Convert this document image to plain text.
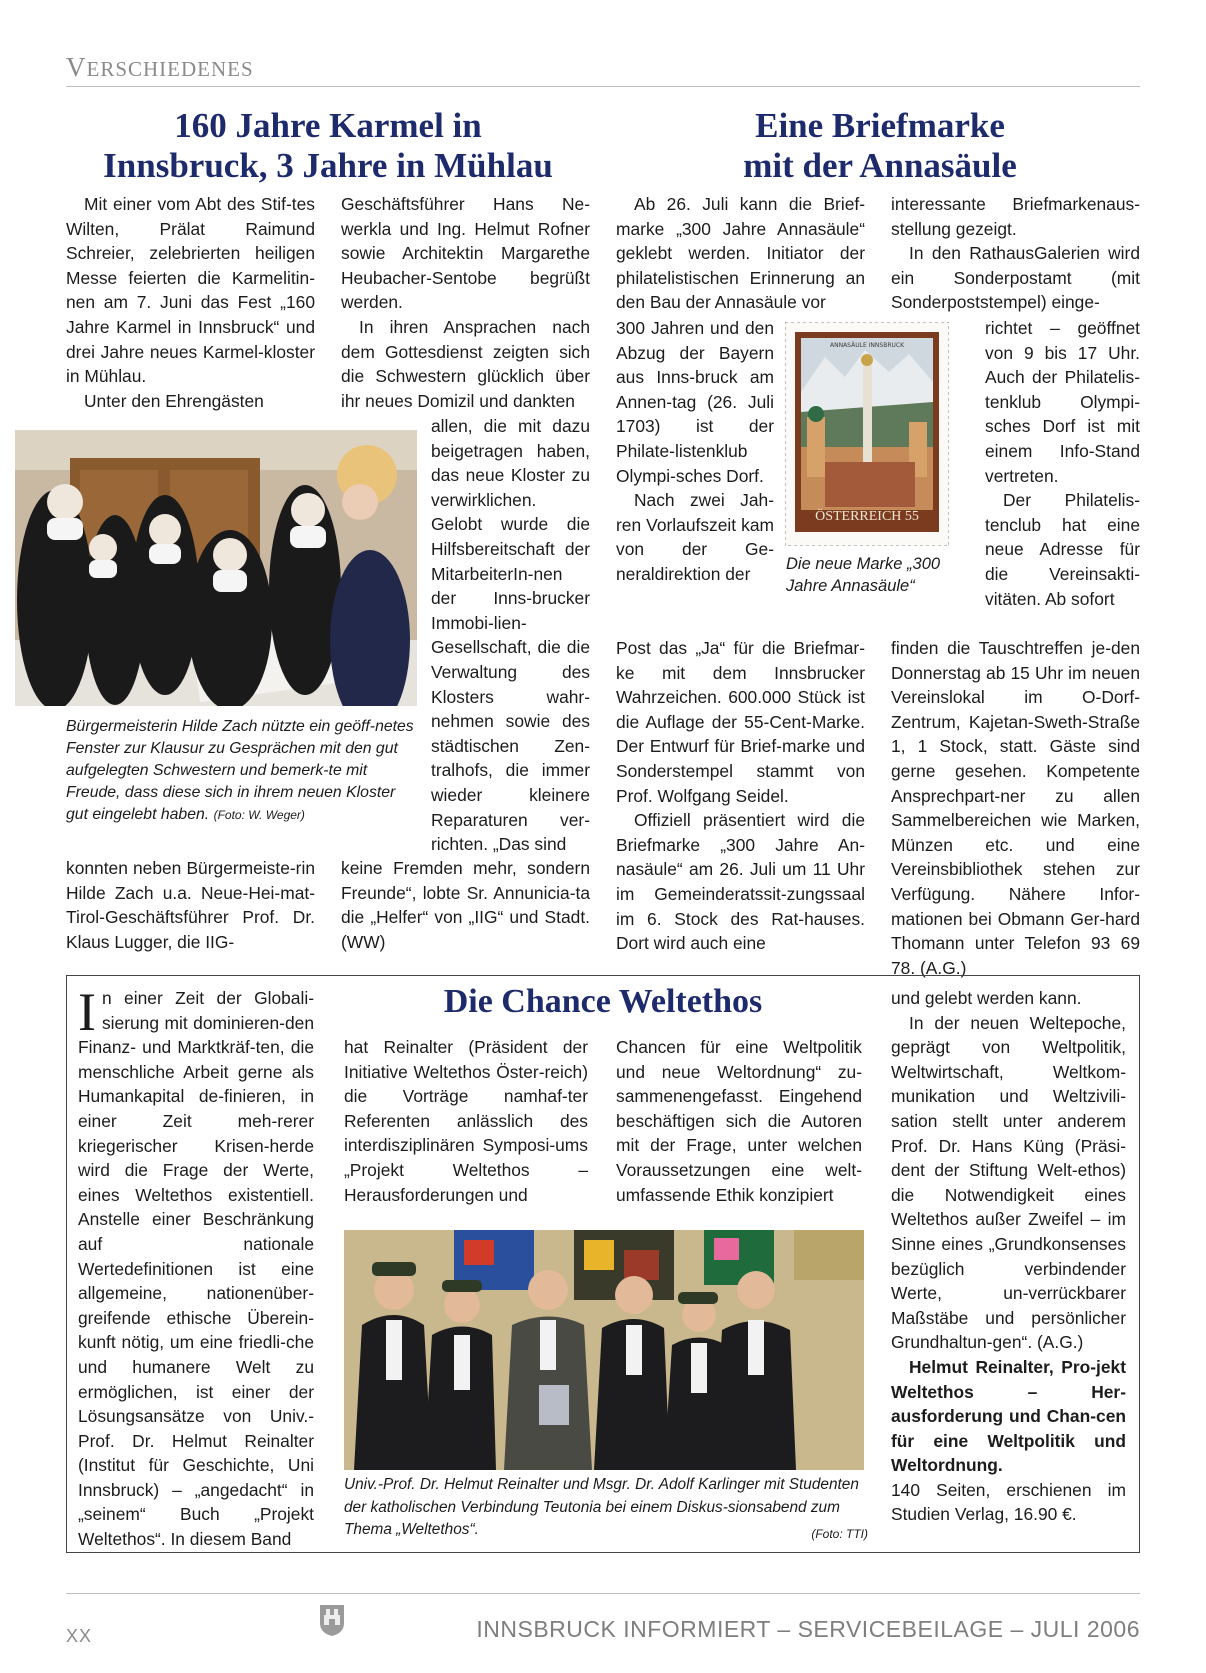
VERSCHIEDENES
160 Jahre Karmel in
Innsbruck, 3 Jahre in Mühlau
Eine Briefmarke
mit der Annasäule

Mit einer vom Abt des Stif-tes Wilten, Prälat Raimund Schreier, zelebrierten heiligen Messe feierten die Karmelitin-nen am 7. Juni das Fest „160 Jahre Karmel in Innsbruck“ und drei Jahre neues Karmel-kloster in Mühlau.

Unter den Ehrengästen

Geschäftsführer Hans Ne-werkla und Ing. Helmut Rofner sowie Architektin Margarethe Heubacher-Sentobe begrüßt werden.

In ihren Ansprachen nach dem Gottesdienst zeigten sich die Schwestern glücklich über ihr neues Domizil und dankten

allen, die mit dazu beigetragen haben, das neue Kloster zu verwirklichen. Gelobt wurde die Hilfsbereitschaft der MitarbeiterIn-nen der Inns-brucker Immobi-lien-Gesellschaft, die die Verwaltung des Klosters wahr-nehmen sowie des städtischen Zen-tralhofs, die immer wieder kleinere Reparaturen ver-richten. „Das sind

Bürgermeisterin Hilde Zach nützte ein geöff-netes Fenster zur Klausur zu Gesprächen mit den gut aufgelegten Schwestern und bemerk-te mit Freude, dass diese sich in ihrem neuen Kloster gut eingelebt haben. (Foto: W. Weger)

konnten neben Bürgermeiste-rin Hilde Zach u.a. Neue-Hei-mat-Tirol-Geschäftsführer Prof. Dr. Klaus Lugger, die IIG-

keine Fremden mehr, sondern Freunde“, lobte Sr. Annunicia-ta die „Helfer“ von „IIG“ und Stadt. (WW)

Ab 26. Juli kann die Brief-marke „300 Jahre Annasäule“ geklebt werden. Initiator der philatelistischen Erinnerung an den Bau der Annasäule vor

ANNASÄULE INNSBRUCK
ÖSTERREICH 55

300 Jahren und den Abzug der Bayern aus Inns-bruck am Annen-tag (26. Juli 1703) ist der Philate-listenklub Olympi-sches Dorf.

Nach zwei Jah-ren Vorlaufszeit kam von der Ge-neraldirektion der	Die neue Marke „300 Jahre Annasäule“

Post das „Ja“ für die Briefmar-ke mit dem Innsbrucker Wahrzeichen. 600.000 Stück ist die Auflage der 55-Cent-Marke. Der Entwurf für Brief-marke und Sonderstempel stammt von Prof. Wolfgang Seidel.

Offiziell präsentiert wird die Briefmarke „300 Jahre An-nasäule“ am 26. Juli um 11 Uhr im Gemeinderatssit-zungssaal im 6. Stock des Rat-hauses. Dort wird auch eine

interessante Briefmarkenaus-stellung gezeigt.

In den RathausGalerien wird ein Sonderpostamt (mit Sonderpoststempel) einge-

richtet – geöffnet von 9 bis 17 Uhr. Auch der Philatelis-tenklub Olympi-sches Dorf ist mit einem Info-Stand vertreten.

Der Philatelis-tenclub hat eine neue Adresse für die Vereinsakti-vitäten. Ab sofort

finden die Tauschtreffen je-den Donnerstag ab 15 Uhr im neuen Vereinslokal im O-Dorf-Zentrum, Kajetan-Sweth-Straße 1, 1 Stock, statt. Gäste sind gerne gesehen. Kompetente Ansprechpart-ner zu allen Sammelbereichen wie Marken, Münzen etc. und eine Vereinsbibliothek stehen zur Verfügung. Nähere Infor-mationen bei Obmann Ger-hard Thomann unter Telefon 93 69 78. (A.G.)

Die Chance Weltethos

In einer Zeit der Globali-sierung mit dominieren-den Finanz- und Marktkräf-ten, die menschliche Arbeit gerne als Humankapital de-finieren, in einer Zeit meh-rerer kriegerischer Krisen-herde wird die Frage der Werte, eines Weltethos existentiell. Anstelle einer Beschränkung auf nationale Wertedefinitionen ist eine allgemeine, nationenüber-greifende ethische Überein-kunft nötig, um eine friedli-che und humanere Welt zu ermöglichen, ist einer der Lösungsansätze von Univ.-Prof. Dr. Helmut Reinalter (Institut für Geschichte, Uni Innsbruck) – „angedacht“ in „seinem“ Buch „Projekt Weltethos“. In diesem Band

hat Reinalter (Präsident der Initiative Weltethos Öster-reich) die Vorträge namhaf-ter Referenten anlässlich des interdisziplinären Symposi-ums „Projekt Weltethos – Herausforderungen und

Chancen für eine Weltpolitik und neue Weltordnung“ zu-sammenengefasst. Eingehend beschäftigen sich die Autoren mit der Frage, unter welchen Voraussetzungen eine welt-umfassende Ethik konzipiert

Univ.-Prof. Dr. Helmut Reinalter und Msgr. Dr. Adolf Karlinger mit Studenten der katholischen Verbindung Teutonia bei einem Diskus-sionsabend zum Thema „Weltethos“.	(Foto: TTI)

und gelebt werden kann.

In der neuen Weltepoche, geprägt von Weltpolitik, Weltwirtschaft, Weltkom-munikation und Weltzivili-sation stellt unter anderem Prof. Dr. Hans Küng (Präsi-dent der Stiftung Welt-ethos) die Notwendigkeit eines Weltethos außer Zweifel – im Sinne eines „Grundkonsenses bezüglich verbindender Werte, un-verrückbarer Maßstäbe und persönlicher Grundhaltun-gen“. (A.G.)

Helmut Reinalter, Pro-jekt Weltethos – Her-ausforderung und Chan-cen für eine Weltpolitik und Weltordnung.

140 Seiten, erschienen im Studien Verlag, 16.90 €.

XX	INNSBRUCK INFORMIERT – SERVICEBEILAGE – JULI 2006
